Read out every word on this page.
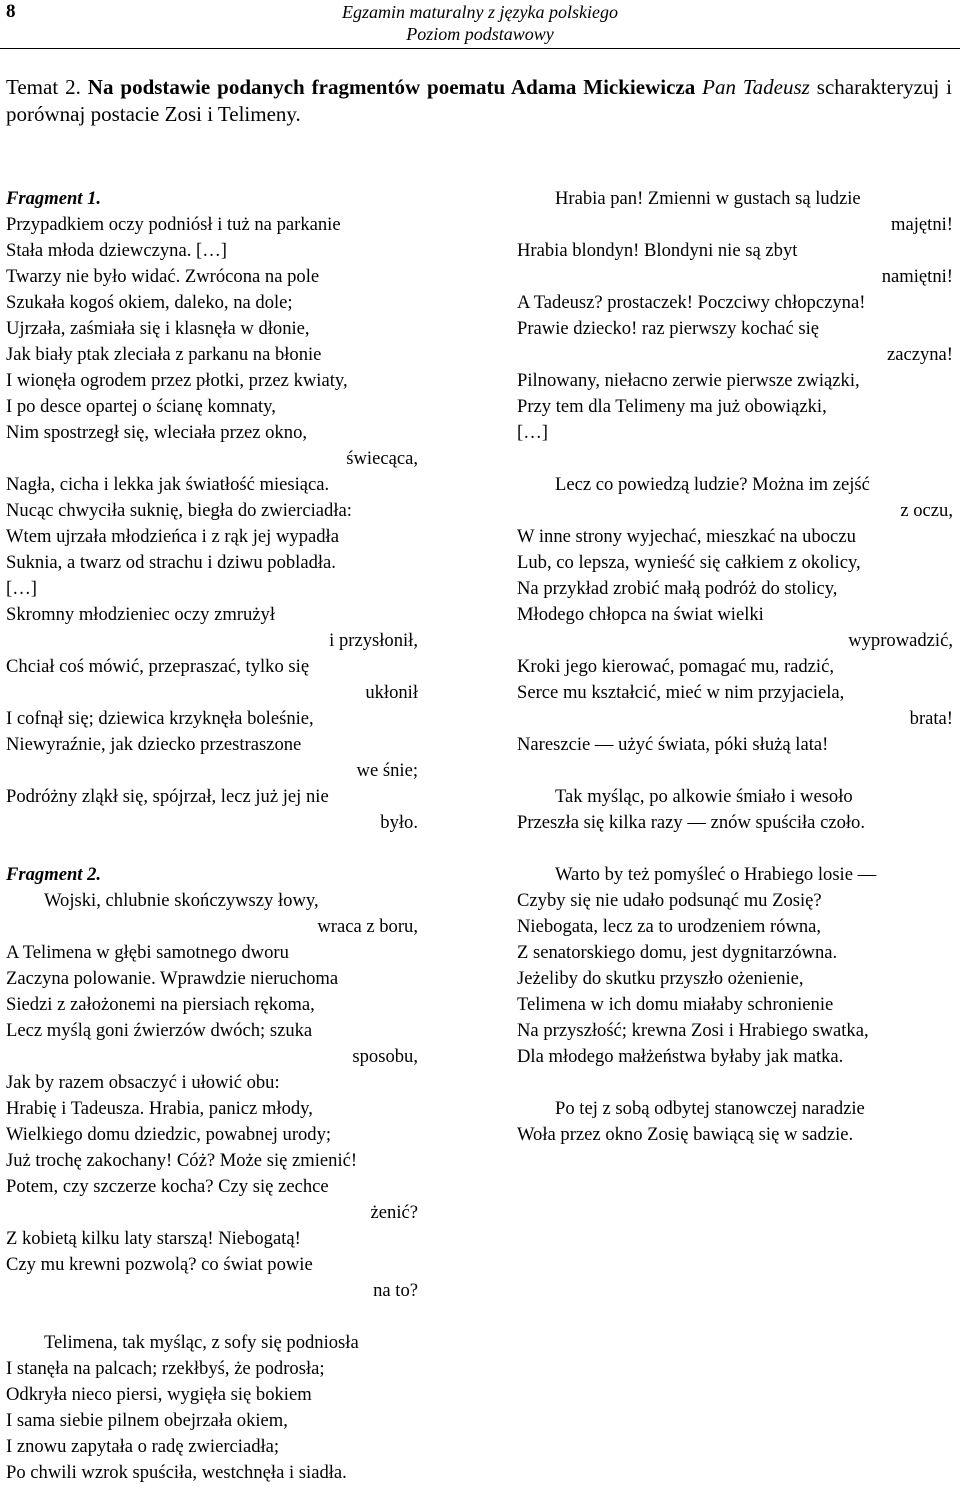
8	Egzamin maturalny z języka polskiego
Poziom podstawowy
Temat 2. Na podstawie podanych fragmentów poematu Adama Mickiewicza Pan Tadeusz scharakteryzuj i porównaj postacie Zosi i Telimeny.
Fragment 1.
Przypadkiem oczy podniósł i tuż na parkanie
Stała młoda dziewczyna. […]
Twarzy nie było widać. Zwrócona na pole
Szukała kogoś okiem, daleko, na dole;
Ujrzała, zaśmiała się i klasnęła w dłonie,
Jak biały ptak zleciała z parkanu na błonie
I wionęła ogrodem przez płotki, przez kwiaty,
I po desce opartej o ścianę komnaty,
Nim spostrzegł się, wleciała przez okno,
świecąca,
Nagła, cicha i lekka jak światłość miesiąca.
Nucąc chwyciła suknię, biegła do zwierciadła:
Wtem ujrzała młodzieńca i z rąk jej wypadła
Suknia, a twarz od strachu i dziwu pobladła.
[…]
Skromny młodzieniec oczy zmrużył
i przysłonił,
Chciał coś mówić, przepraszać, tylko się
ukłonił
I cofnął się; dziewica krzyknęła boleśnie,
Niewyraźnie, jak dziecko przestraszone
we śnie;
Podróżny zląkł się, spójrzał, lecz już jej nie
było.
Fragment 2.
Wojski, chlubnie skończywszy łowy,
wraca z boru,
A Telimena w głębi samotnego dworu
Zaczyna polowanie. Wprawdzie nieruchoma
Siedzi z założonemi na piersiach rękoma,
Lecz myślą goni źwierzów dwóch; szuka
sposobu,
Jak by razem obsaczyć i ułowić obu:
Hrabię i Tadeusza. Hrabia, panicz młody,
Wielkiego domu dziedzic, powabnej urody;
Już trochę zakochany! Cóż? Może się zmienić!
Potem, czy szczerze kocha? Czy się zechce
żenić?
Z kobietą kilku laty starszą! Niebogatą!
Czy mu krewni pozwolą? co świat powie
na to?
Telimena, tak myśląc, z sofy się podniosła
I stanęła na palcach; rzekłbyś, że podrosła;
Odkryła nieco piersi, wygięła się bokiem
I sama siebie pilnem obejrzała okiem,
I znowu zapytała o radę zwierciadła;
Po chwili wzrok spuściła, westchnęła i siadła.
Hrabia pan! Zmienni w gustach są ludzie
majętni!
Hrabia blondyn! Blondyni nie są zbyt
namiętni!
A Tadeusz? prostaczek! Poczciwy chłopczyna!
Prawie dziecko! raz pierwszy kochać się
zaczyna!
Pilnowany, niełacno zerwie pierwsze związki,
Przy tem dla Telimeny ma już obowiązki,
[…]
Lecz co powiedzą ludzie? Można im zejść
z oczu,
W inne strony wyjechać, mieszkać na uboczu
Lub, co lepsza, wynieść się całkiem z okolicy,
Na przykład zrobić małą podróż do stolicy,
Młodego chłopca na świat wielki
wyprowadzić,
Kroki jego kierować, pomagać mu, radzić,
Serce mu kształcić, mieć w nim przyjaciela,
brata!
Nareszcie — użyć świata, póki służą lata!
Tak myśląc, po alkowie śmiało i wesoło
Przeszła się kilka razy — znów spuściła czoło.
Warto by też pomyśleć o Hrabiego losie —
Czyby się nie udało podsunąć mu Zosię?
Niebogata, lecz za to urodzeniem równa,
Z senatorskiego domu, jest dygnitarzówna.
Jeżeliby do skutku przyszło ożenienie,
Telimena w ich domu miałaby schronienie
Na przyszłość; krewna Zosi i Hrabiego swatka,
Dla młodego małżeństwa byłaby jak matka.
Po tej z sobą odbytej stanowczej naradzie
Woła przez okno Zosię bawiącą się w sadzie.
